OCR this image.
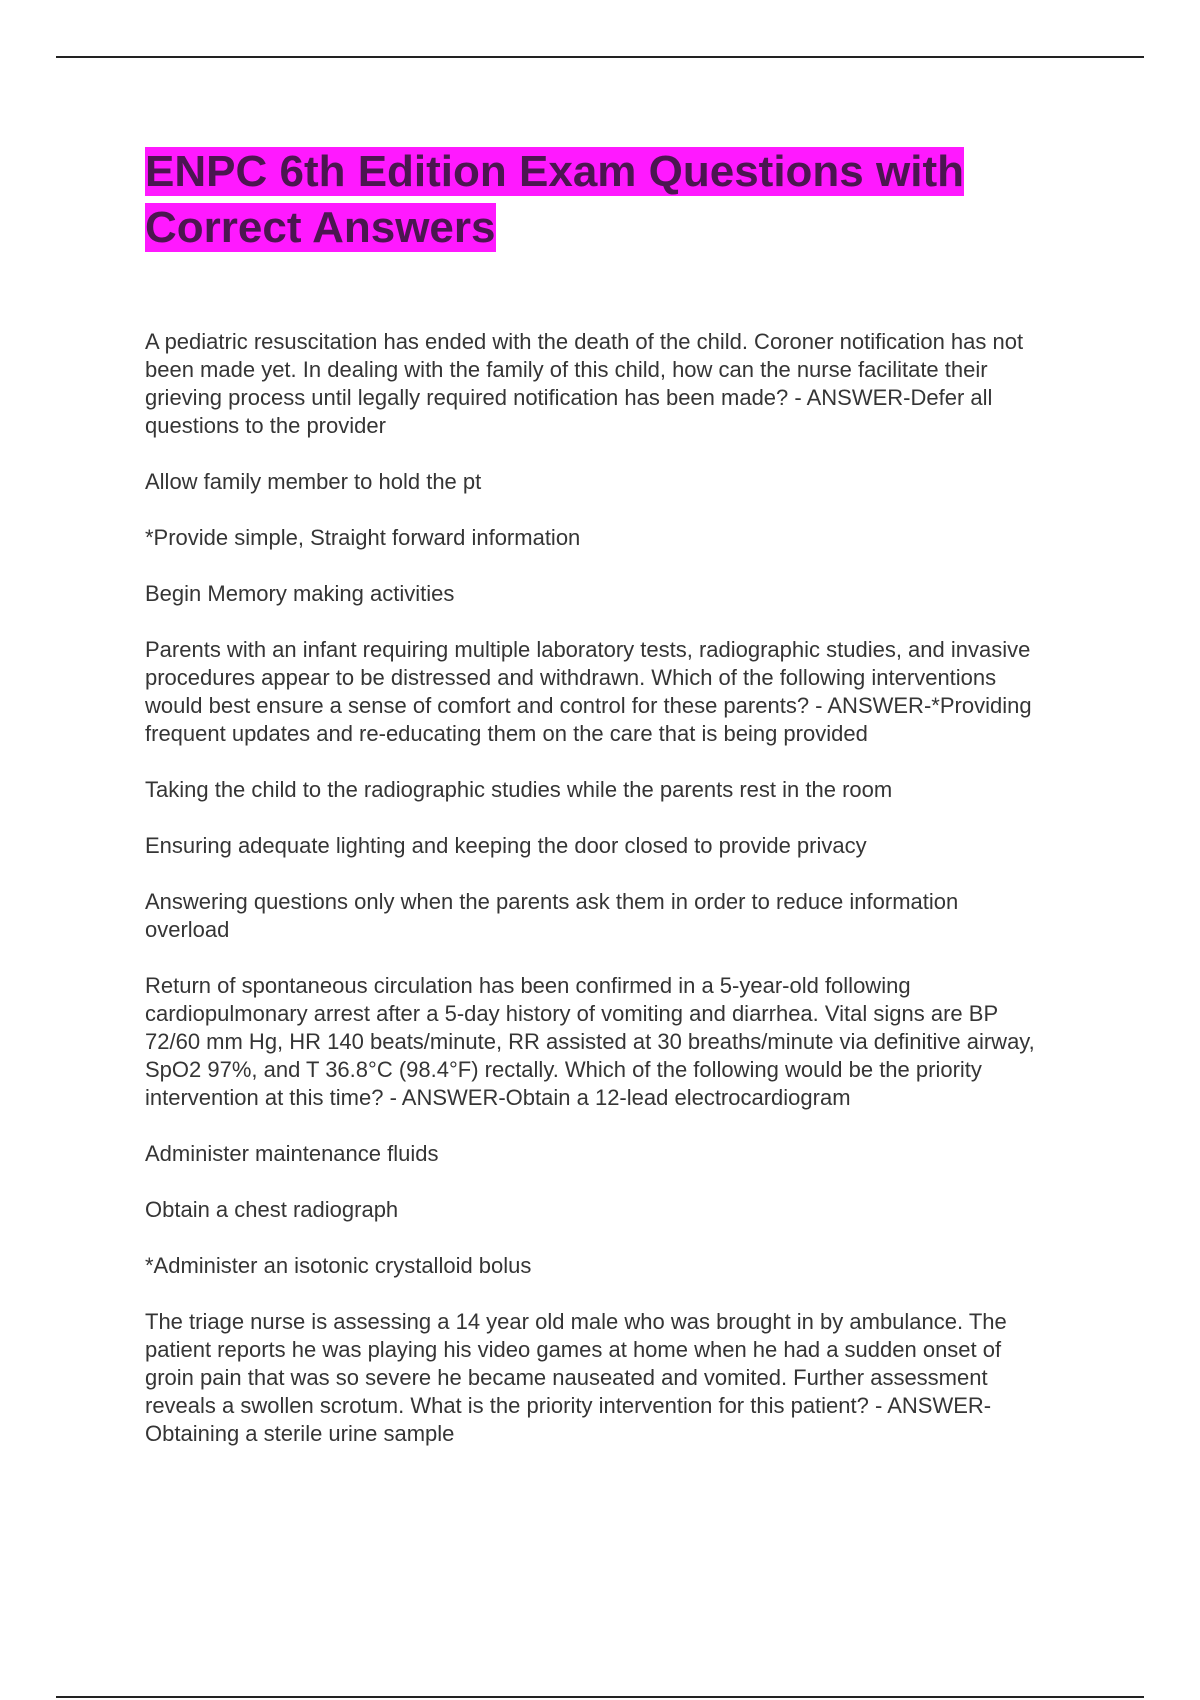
ENPC 6th Edition Exam Questions with
Correct Answers

A pediatric resuscitation has ended with the death of the child. Coroner notification has not been made yet. In dealing with the family of this child, how can the nurse facilitate their grieving process until legally required notification has been made? - ANSWER-Defer all questions to the provider

Allow family member to hold the pt

*Provide simple, Straight forward information

Begin Memory making activities

Parents with an infant requiring multiple laboratory tests, radiographic studies, and invasive procedures appear to be distressed and withdrawn. Which of the following interventions would best ensure a sense of comfort and control for these parents? - ANSWER-*Providing frequent updates and re-educating them on the care that is being provided

Taking the child to the radiographic studies while the parents rest in the room

Ensuring adequate lighting and keeping the door closed to provide privacy

Answering questions only when the parents ask them in order to reduce information overload

Return of spontaneous circulation has been confirmed in a 5-year-old following cardiopulmonary arrest after a 5-day history of vomiting and diarrhea. Vital signs are BP 72/60 mm Hg, HR 140 beats/minute, RR assisted at 30 breaths/minute via definitive airway, SpO2 97%, and T 36.8°C (98.4°F) rectally. Which of the following would be the priority intervention at this time? - ANSWER-Obtain a 12-lead electrocardiogram

Administer maintenance fluids

Obtain a chest radiograph

*Administer an isotonic crystalloid bolus

The triage nurse is assessing a 14 year old male who was brought in by ambulance. The patient reports he was playing his video games at home when he had a sudden onset of groin pain that was so severe he became nauseated and vomited. Further assessment reveals a swollen scrotum. What is the priority intervention for this patient? - ANSWER-Obtaining a sterile urine sample
